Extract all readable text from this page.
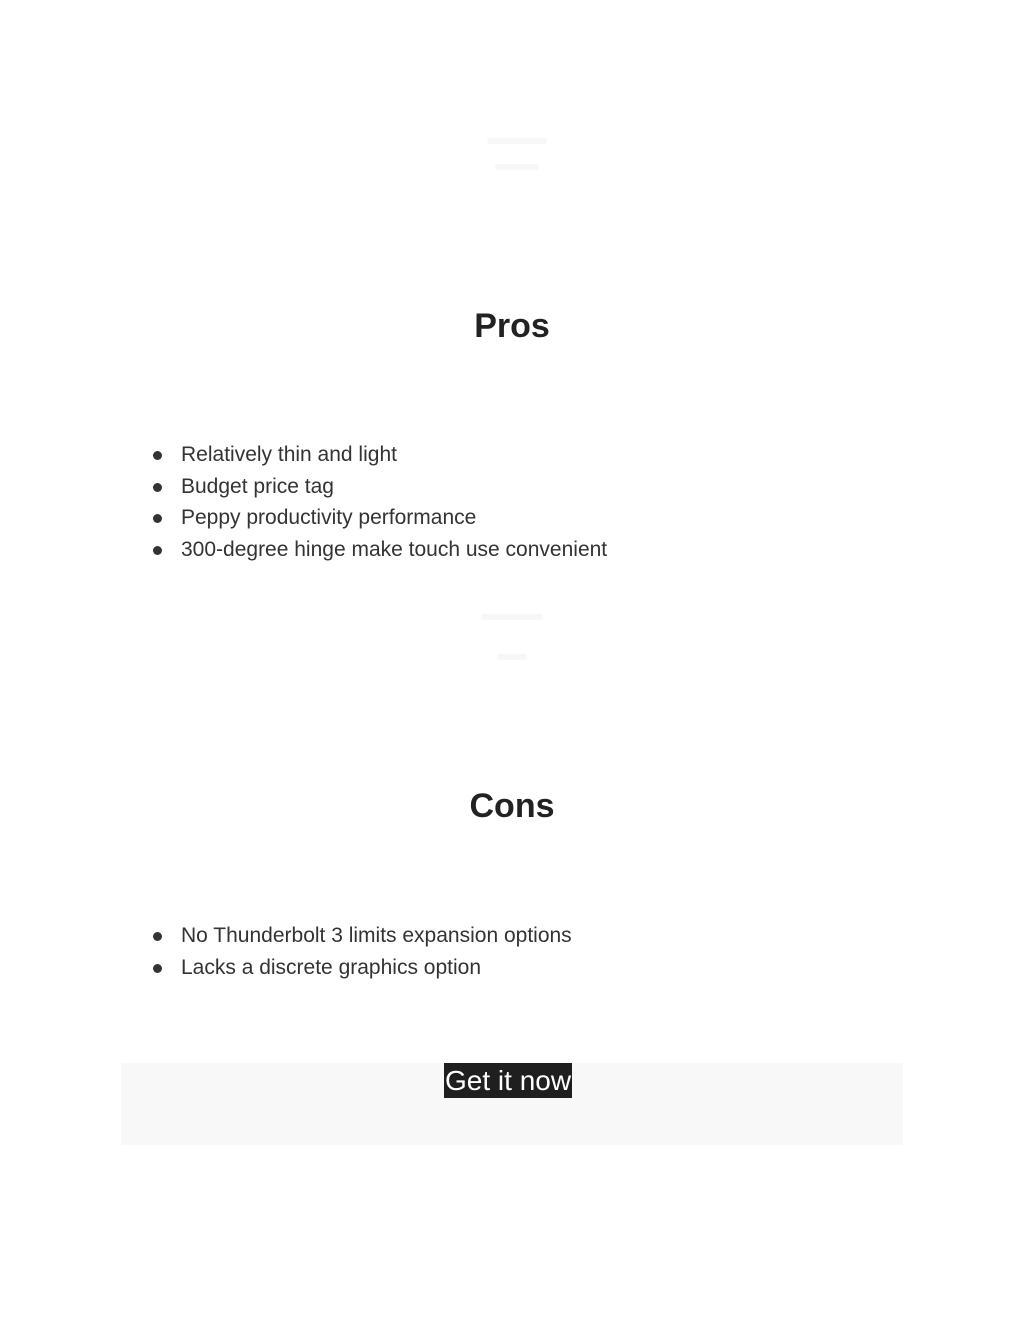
Pros
Relatively thin and light
Budget price tag
Peppy productivity performance
300-degree hinge make touch use convenient
Cons
No Thunderbolt 3 limits expansion options
Lacks a discrete graphics option
Get it now
